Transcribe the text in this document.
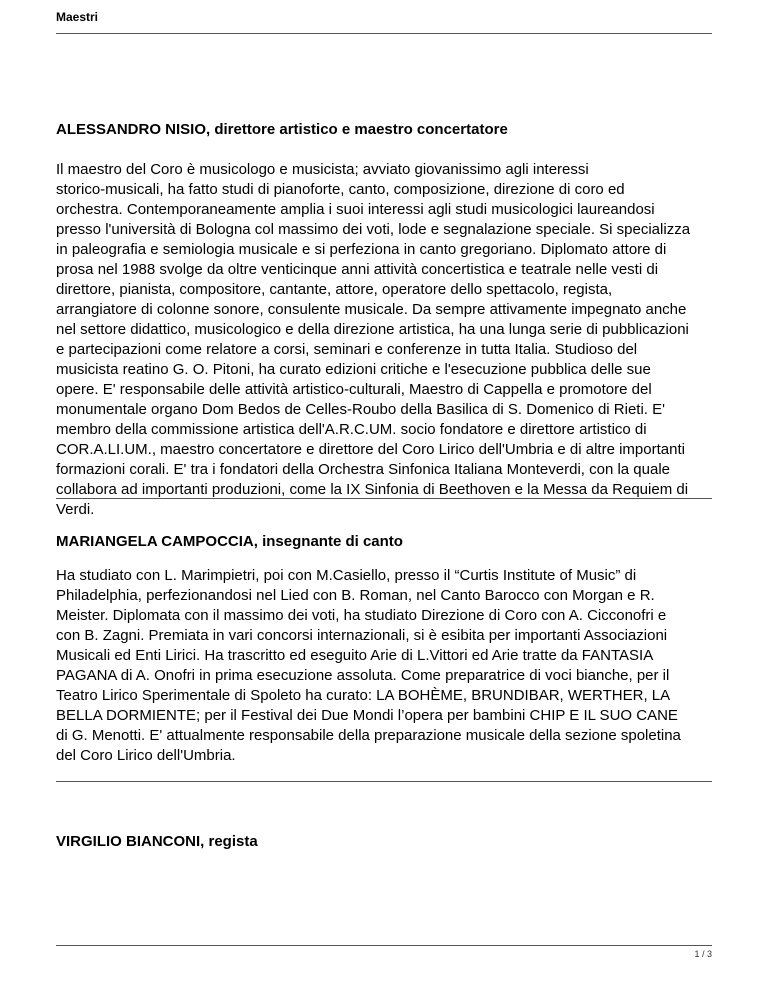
Maestri
ALESSANDRO NISIO, direttore artistico e maestro concertatore

Il maestro del Coro è musicologo e musicista; avviato giovanissimo agli interessi
storico-musicali, ha fatto studi di pianoforte, canto, composizione, direzione di coro ed
orchestra. Contemporaneamente amplia i suoi interessi agli studi musicologici laureandosi
presso l'università di Bologna col massimo dei voti, lode e segnalazione speciale. Si specializza
in paleografia e semiologia musicale e si perfeziona in canto gregoriano. Diplomato attore di
prosa nel 1988 svolge da oltre venticinque anni attività concertistica e teatrale nelle vesti di
direttore, pianista, compositore, cantante, attore, operatore dello spettacolo, regista,
arrangiatore di colonne sonore, consulente musicale. Da sempre attivamente impegnato anche
nel settore didattico, musicologico e della direzione artistica, ha una lunga serie di pubblicazioni
e partecipazioni come relatore a corsi, seminari e conferenze in tutta Italia. Studioso del
musicista reatino G. O. Pitoni, ha curato edizioni critiche e l'esecuzione pubblica delle sue
opere. E' responsabile delle attività artistico-culturali, Maestro di Cappella e promotore del
monumentale organo Dom Bedos de Celles-Roubo della Basilica di S. Domenico di Rieti. E'
membro della commissione artistica dell'A.R.C.UM. socio fondatore e direttore artistico di
COR.A.LI.UM., maestro concertatore e direttore del Coro Lirico dell'Umbria e di altre importanti
formazioni corali. E' tra i fondatori della Orchestra Sinfonica Italiana Monteverdi, con la quale
collabora ad importanti produzioni, come la IX Sinfonia di Beethoven e la Messa da Requiem di
Verdi.

MARIANGELA CAMPOCCIA, insegnante di canto

Ha studiato con L. Marimpietri, poi con M.Casiello, presso il “Curtis Institute of Music” di
Philadelphia, perfezionandosi nel Lied con B. Roman, nel Canto Barocco con Morgan e R.
Meister. Diplomata con il massimo dei voti, ha studiato Direzione di Coro con A. Cicconofri e
con B. Zagni. Premiata in vari concorsi internazionali, si è esibita per importanti Associazioni
Musicali ed Enti Lirici. Ha trascritto ed eseguito Arie di L.Vittori ed Arie tratte da FANTASIA
PAGANA di A. Onofri in prima esecuzione assoluta. Come preparatrice di voci bianche, per il
Teatro Lirico Sperimentale di Spoleto ha curato: LA BOHÈME, BRUNDIBAR, WERTHER, LA
BELLA DORMIENTE; per il Festival dei Due Mondi l’opera per bambini CHIP E IL SUO CANE
di G. Menotti. E' attualmente responsabile della preparazione musicale della sezione spoletina
del Coro Lirico dell'Umbria.

VIRGILIO BIANCONI, regista
1 / 3
